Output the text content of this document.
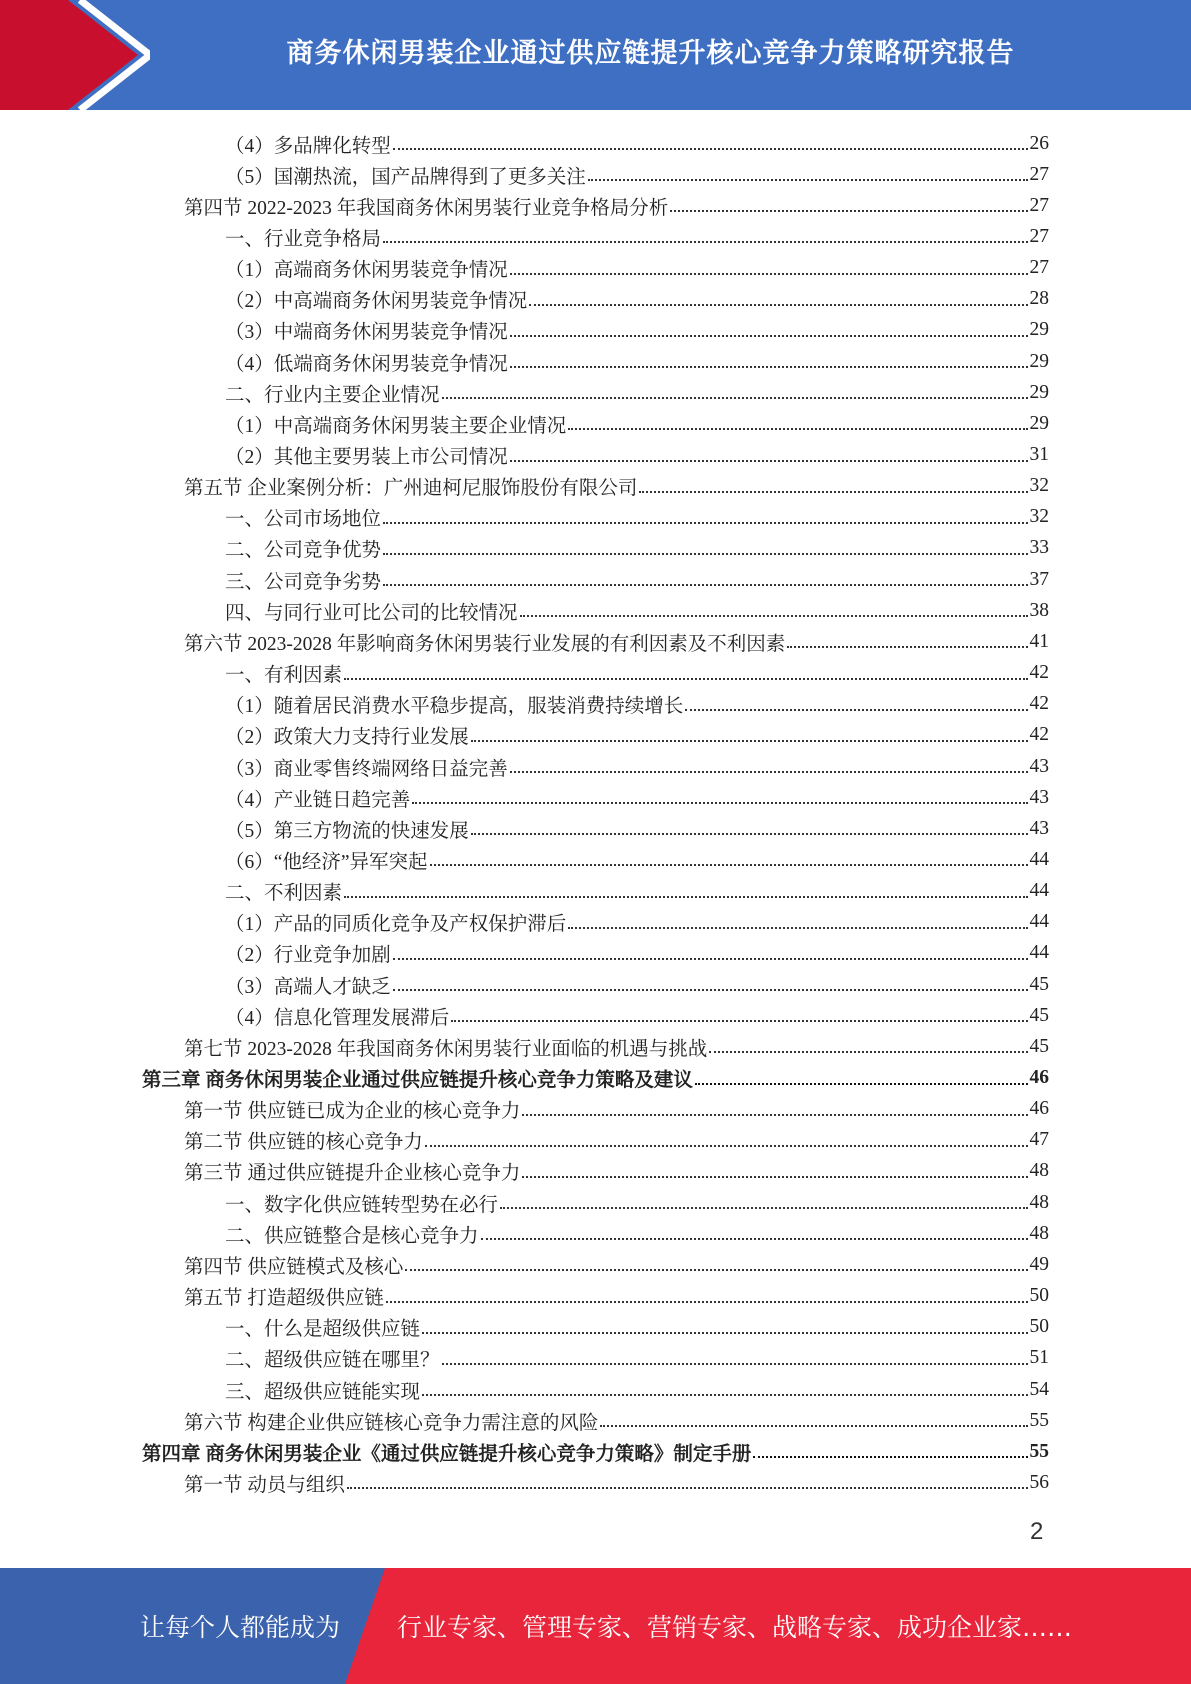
商务休闲男装企业通过供应链提升核心竞争力策略研究报告
（4）多品牌化转型	26
（5）国潮热流，国产品牌得到了更多关注	27
第四节 2022-2023 年我国商务休闲男装行业竞争格局分析	27
一、行业竞争格局	27
（1）高端商务休闲男装竞争情况	27
（2）中高端商务休闲男装竞争情况	28
（3）中端商务休闲男装竞争情况	29
（4）低端商务休闲男装竞争情况	29
二、行业内主要企业情况	29
（1）中高端商务休闲男装主要企业情况	29
（2）其他主要男装上市公司情况	31
第五节 企业案例分析：广州迪柯尼服饰股份有限公司	32
一、公司市场地位	32
二、公司竞争优势	33
三、公司竞争劣势	37
四、与同行业可比公司的比较情况	38
第六节 2023-2028 年影响商务休闲男装行业发展的有利因素及不利因素	41
一、有利因素	42
（1）随着居民消费水平稳步提高，服装消费持续增长	42
（2）政策大力支持行业发展	42
（3）商业零售终端网络日益完善	43
（4）产业链日趋完善	43
（5）第三方物流的快速发展	43
（6）“他经济”异军突起	44
二、不利因素	44
（1）产品的同质化竞争及产权保护滞后	44
（2）行业竞争加剧	44
（3）高端人才缺乏	45
（4）信息化管理发展滞后	45
第七节 2023-2028 年我国商务休闲男装行业面临的机遇与挑战	45
第三章 商务休闲男装企业通过供应链提升核心竞争力策略及建议	46
第一节 供应链已成为企业的核心竞争力	46
第二节 供应链的核心竞争力	47
第三节 通过供应链提升企业核心竞争力	48
一、数字化供应链转型势在必行	48
二、供应链整合是核心竞争力	48
第四节 供应链模式及核心	49
第五节 打造超级供应链	50
一、什么是超级供应链	50
二、超级供应链在哪里？	51
三、超级供应链能实现	54
第六节 构建企业供应链核心竞争力需注意的风险	55
第四章 商务休闲男装企业《通过供应链提升核心竞争力策略》制定手册	55
第一节 动员与组织	56
2
让每个人都能成为 行业专家、管理专家、营销专家、战略专家、成功企业家……
